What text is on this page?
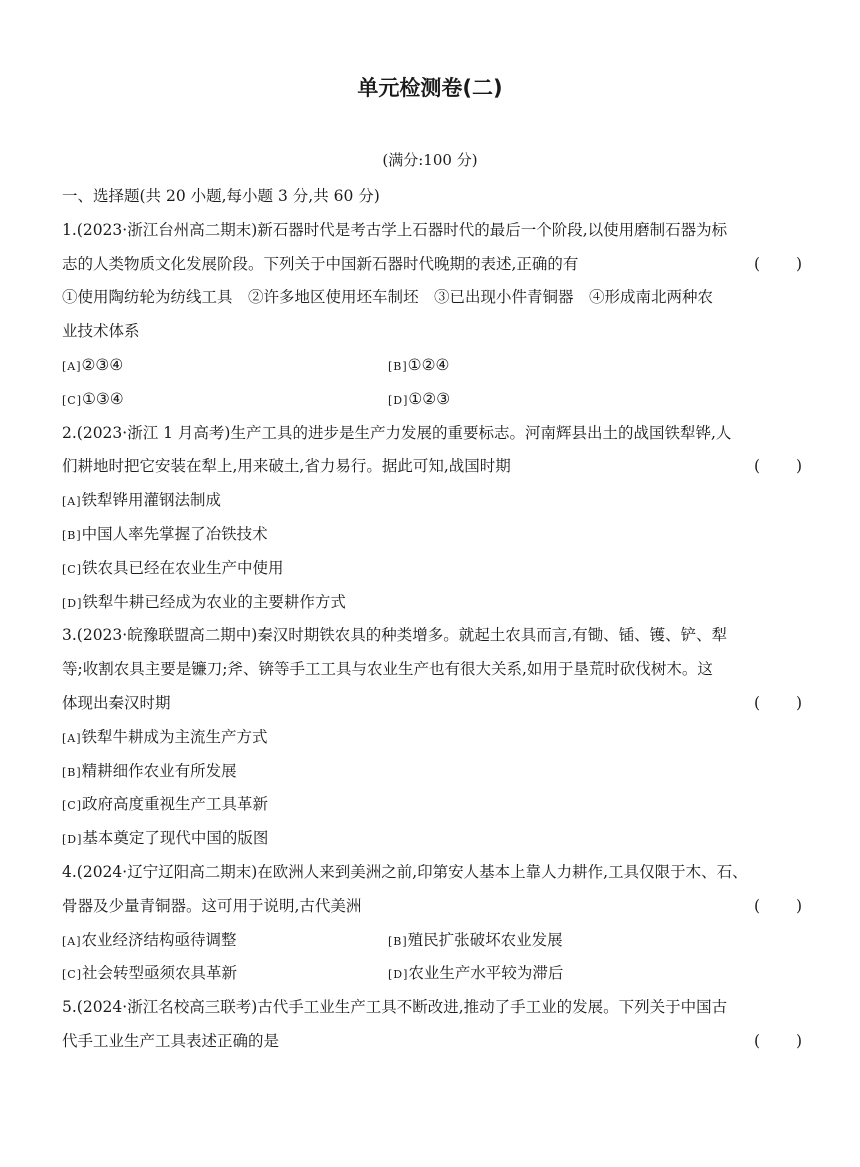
单元检测卷(二)
(满分:100 分)
一、选择题(共 20 小题,每小题 3 分,共 60 分)
1.(2023·浙江台州高二期末)新石器时代是考古学上石器时代的最后一个阶段,以使用磨制石器为标
志的人类物质文化发展阶段。下列关于中国新石器时代晚期的表述,正确的有	( )
①使用陶纺轮为纺线工具　②许多地区使用坯车制坯　③已出现小件青铜器　④形成南北两种农
业技术体系
[A]②③④	[B]①②④
[C]①③④	[D]①②③
2.(2023·浙江 1 月高考)生产工具的进步是生产力发展的重要标志。河南辉县出土的战国铁犁铧,人
们耕地时把它安装在犁上,用来破土,省力易行。据此可知,战国时期	( )
[A]铁犁铧用灌钢法制成
[B]中国人率先掌握了冶铁技术
[C]铁农具已经在农业生产中使用
[D]铁犁牛耕已经成为农业的主要耕作方式
3.(2023·皖豫联盟高二期中)秦汉时期铁农具的种类增多。就起土农具而言,有锄、锸、镬、铲、犁
等;收割农具主要是镰刀;斧、锛等手工工具与农业生产也有很大关系,如用于垦荒时砍伐树木。这
体现出秦汉时期	( )
[A]铁犁牛耕成为主流生产方式
[B]精耕细作农业有所发展
[C]政府高度重视生产工具革新
[D]基本奠定了现代中国的版图
4.(2024·辽宁辽阳高二期末)在欧洲人来到美洲之前,印第安人基本上靠人力耕作,工具仅限于木、石、
骨器及少量青铜器。这可用于说明,古代美洲	( )
[A]农业经济结构亟待调整	[B]殖民扩张破坏农业发展
[C]社会转型亟须农具革新	[D]农业生产水平较为滞后
5.(2024·浙江名校高三联考)古代手工业生产工具不断改进,推动了手工业的发展。下列关于中国古
代手工业生产工具表述正确的是	( )
